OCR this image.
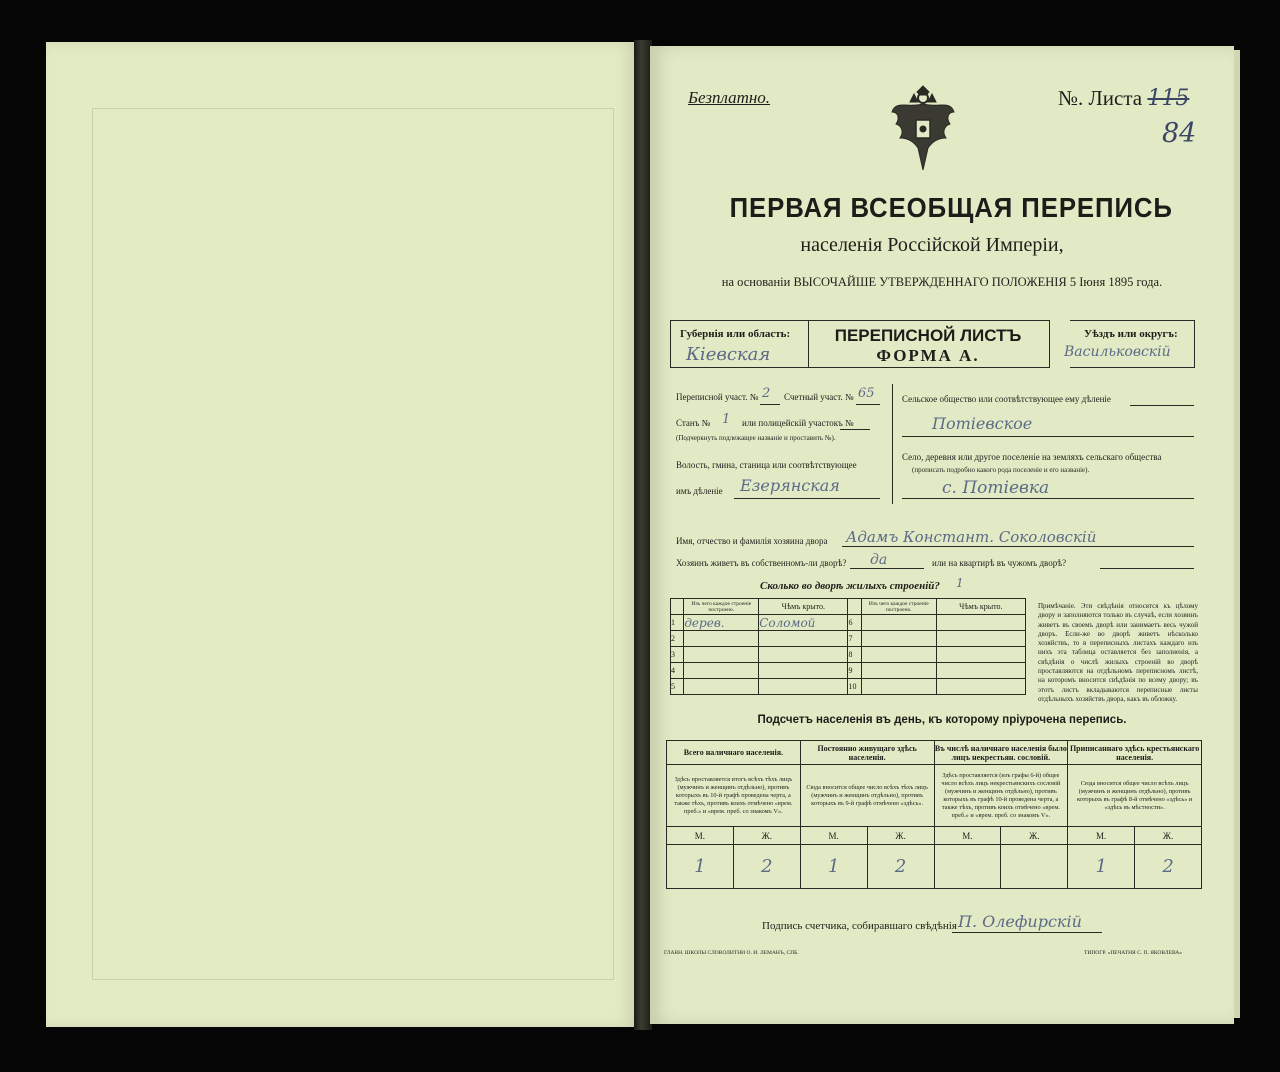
Безплатно.	№. Листа 115
84
ПЕРВАЯ ВСЕОБЩАЯ ПЕРЕПИСЬ
населенія Россійской Имперіи,
на основаніи ВЫСОЧАЙШЕ УТВЕРЖДЕННАГО ПОЛОЖЕНІЯ 5 Іюня 1895 года.
Губернія или область:
Кіевская
ПЕРЕПИСНОЙ ЛИСТЪ
ФОРМА А.
Уѣздъ или округъ:
Васильковскій
Переписной участ. № 2 Счетный участ. № 65
Станъ № 1 или полицейскій участокъ №
(Подчеркнуть подлежащее названіе и проставить №).
Волость, гмина, станица или соотвѣтствующее
имъ дѣленіе Езерянская
Сельское общество или соотвѣтствующее ему дѣленіе
Потіевское
Село, деревня или другое поселеніе на земляхъ сельскаго общества
(прописать подробно какого рода поселеніе и его названіе).
с. Потіевка
Имя, отчество и фамилія хозяина двора Адамъ Констант. Соколовскій
Хозяинъ живетъ въ собственномъ-ли дворѣ? да	или на квартирѣ въ чужомъ дворѣ?
Сколько во дворѣ жилыхъ строеній? 1
	Изъ чего каждое строеніе построено.	Чѣмъ крыто.		Изъ чего каждое строеніе построено.	Чѣмъ крыто.
1	дерев.	Соломой	6		
2			7		
3			8		
4			9		
5			10		
Примѣчаніе. Эти свѣдѣнія относятся къ цѣлому двору и заполняются только въ случаѣ, если хозяинъ живетъ въ своемъ дворѣ или занимаетъ весь чужой дворъ. Если-же во дворѣ живетъ нѣсколько хозяйствъ, то в переписныхъ листахъ каждаго изъ нихъ эта таблица оставляется без заполненія, а свѣдѣнія о числѣ жилыхъ строеній во дворѣ проставляются на отдѣльномъ переписномъ листѣ, на которомъ вносится свѣдѣнія по всему двору; въ этотъ листъ вкладываются переписные листы отдѣльныхъ хозяйствъ двора, какъ въ обложку.
Подсчетъ населенія въ день, къ которому пріурочена перепись.
Всего наличнаго населенія.		Постоянно живущаго здѣсь населенія.		Въ числѣ наличнаго населенія было лицъ некрестьян. сословій.		Приписаннаго здѣсь крестьянскаго населенія.	
Здѣсь проставляется итогъ всѣхъ тѣхъ лицъ (мужчинъ и женщинъ отдѣльно), противъ которыхъ въ 10-й графѣ проведена черта, а также тѣхъ, противъ коихъ отмѣчено «врем. преб.» и «врем. преб. со знакомъ V».		Сюда вносится общее число всѣхъ тѣхъ лицъ (мужчинъ и женщинъ отдѣльно), противъ которыхъ въ 9-й графѣ отмѣчено «здѣсь».		Здѣсь проставляется (изъ графы 6-й) общее число всѣхъ лицъ некрестьянскихъ сословій (мужчинъ и женщинъ отдѣльно), противъ которыхъ въ графѣ 10-й проведена черта, а также тѣхъ, противъ коихъ отмѣчено «врем. преб.» и «врем. преб. со знакомъ V».		Сюда вносится общее число всѣхъ лицъ (мужчинъ и женщинъ отдѣльно), противъ которыхъ въ графѣ 8-й отмѣчено «здѣсь» и «здѣсь въ мѣстности».	
М.	Ж.	М.	Ж.	М.	Ж.	М.	Ж.
1	2	1	2			1	2
Подпись счетчика, собиравшаго свѣдѣнія П. Олефирскій
ГЛАВН. ШКОЛЫ СЛОВОЛИТНИ О. И. ЛЕМАНЪ, СПБ.	ТИПОГР. «ПЕЧАТНЯ С. П. ЯКОВЛЕВА»
